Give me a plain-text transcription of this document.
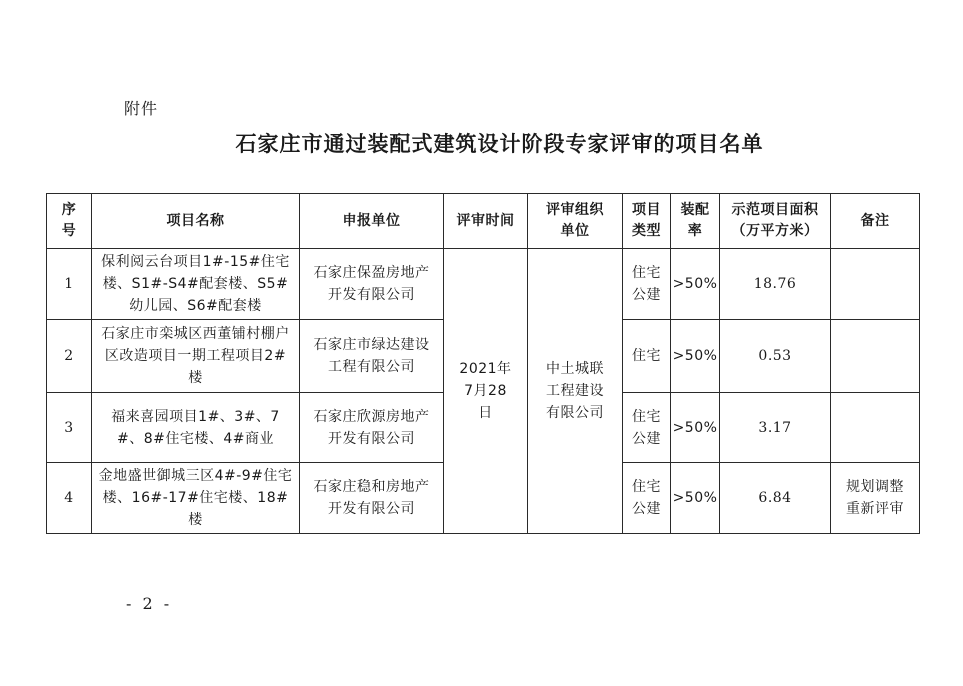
附件
石家庄市通过装配式建筑设计阶段专家评审的项目名单
序号	项目名称	申报单位	评审时间	评审组织单位	项目类型	装配率	示范项目面积（万平方米）	备注
1	保利阅云台项目1#-15#住宅楼、S1#-S4#配套楼、S5#幼儿园、S6#配套楼	石家庄保盈房地产开发有限公司	2021年7月28日	中土城联工程建设有限公司	住宅公建	>50%	18.76	
2	石家庄市栾城区西董铺村棚户区改造项目一期工程项目2#楼	石家庄市绿达建设工程有限公司			住宅	>50%	0.53	
3	福来喜园项目1#、3#、7#、8#住宅楼、4#商业	石家庄欣源房地产开发有限公司			住宅公建	>50%	3.17	
4	金地盛世御城三区4#-9#住宅楼、16#-17#住宅楼、18#楼	石家庄稳和房地产开发有限公司			住宅公建	>50%	6.84	规划调整重新评审
- 2 -
